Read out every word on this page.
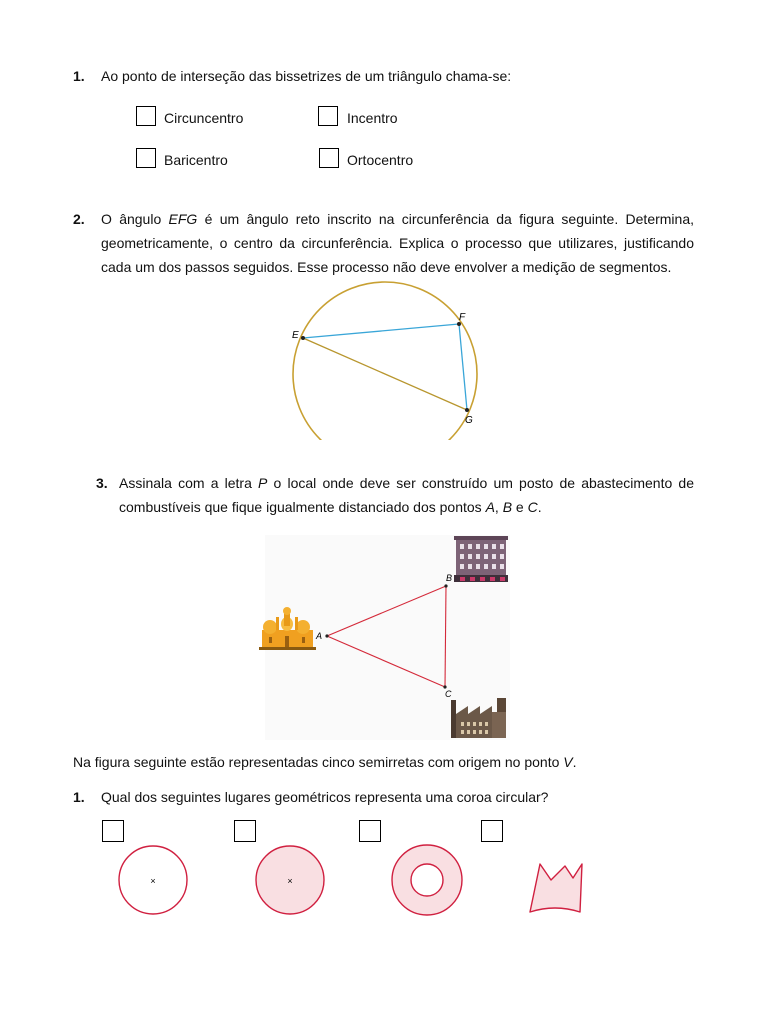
1. Ao ponto de interseção das bissetrizes de um triângulo chama-se:
Circuncentro	Incentro
Baricentro	Ortocentro
2. O ângulo EFG é um ângulo reto inscrito na circunferência da figura seguinte. Determina,
geometricamente, o centro da circunferência. Explica o processo que utilizares, justificando
cada um dos passos seguidos. Esse processo não deve envolver a medição de segmentos.
E
F
G
3. Assinala com a letra P o local onde deve ser construído um posto de abastecimento de
combustíveis que fique igualmente distanciado dos pontos A, B e C.
A
B
C
Na figura seguinte estão representadas cinco semirretas com origem no ponto V.
1. Qual dos seguintes lugares geométricos representa uma coroa circular?
×	×
